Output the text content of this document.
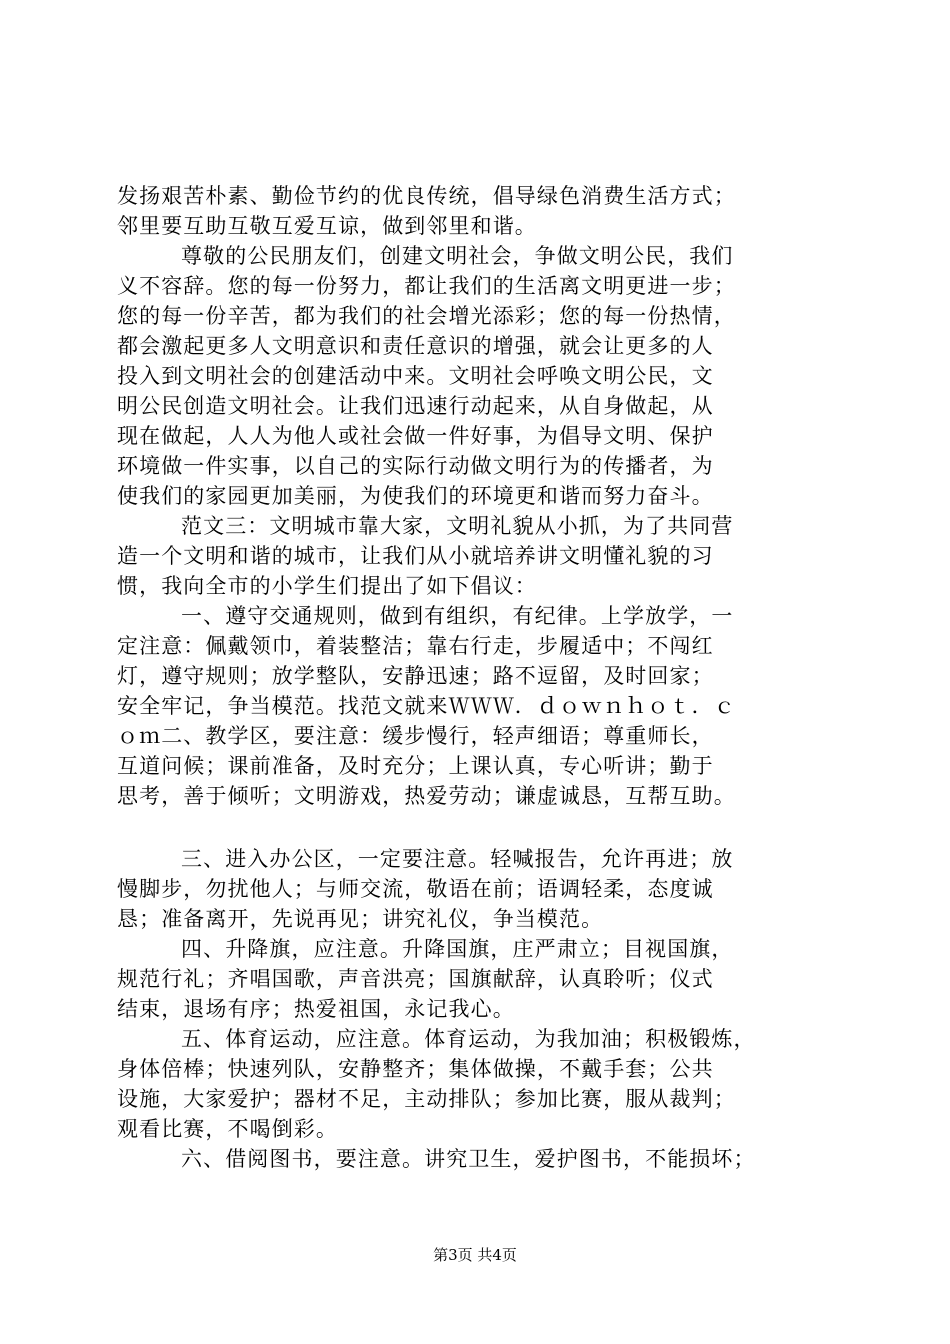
发扬艰苦朴素、勤俭节约的优良传统，倡导绿色消费生活方式；
邻里要互助互敬互爱互谅，做到邻里和谐。
尊敬的公民朋友们，创建文明社会，争做文明公民，我们
义不容辞。您的每一份努力，都让我们的生活离文明更进一步；
您的每一份辛苦，都为我们的社会增光添彩；您的每一份热情，
都会激起更多人文明意识和责任意识的增强，就会让更多的人
投入到文明社会的创建活动中来。文明社会呼唤文明公民，文
明公民创造文明社会。让我们迅速行动起来，从自身做起，从
现在做起，人人为他人或社会做一件好事，为倡导文明、保护
环境做一件实事，以自己的实际行动做文明行为的传播者，为
使我们的家园更加美丽，为使我们的环境更和谐而努力奋斗。
范文三：文明城市靠大家，文明礼貌从小抓，为了共同营
造一个文明和谐的城市，让我们从小就培养讲文明懂礼貌的习
惯，我向全市的小学生们提出了如下倡议：
一、遵守交通规则，做到有组织，有纪律。上学放学，一
定注意：佩戴领巾，着装整洁；靠右行走，步履适中；不闯红
灯，遵守规则；放学整队，安静迅速；路不逗留，及时回家；
安全牢记，争当模范。找范文就来ＷＷＷ．ｄｏｗｎｈｏｔ．ｃ
ｏｍ二、教学区，要注意：缓步慢行，轻声细语；尊重师长，
互道问候；课前准备，及时充分；上课认真，专心听讲；勤于
思考，善于倾听；文明游戏，热爱劳动；谦虚诚恳，互帮互助。
三、进入办公区，一定要注意。轻喊报告，允许再进；放
慢脚步，勿扰他人；与师交流，敬语在前；语调轻柔，态度诚
恳；准备离开，先说再见；讲究礼仪，争当模范。
四、升降旗，应注意。升降国旗，庄严肃立；目视国旗，
规范行礼；齐唱国歌，声音洪亮；国旗献辞，认真聆听；仪式
结束，退场有序；热爱祖国，永记我心。
五、体育运动，应注意。体育运动，为我加油；积极锻炼，
身体倍棒；快速列队，安静整齐；集体做操，不戴手套；公共
设施，大家爱护；器材不足，主动排队；参加比赛，服从裁判；
观看比赛，不喝倒彩。
六、借阅图书，要注意。讲究卫生，爱护图书，不能损坏；
第3页 共4页
